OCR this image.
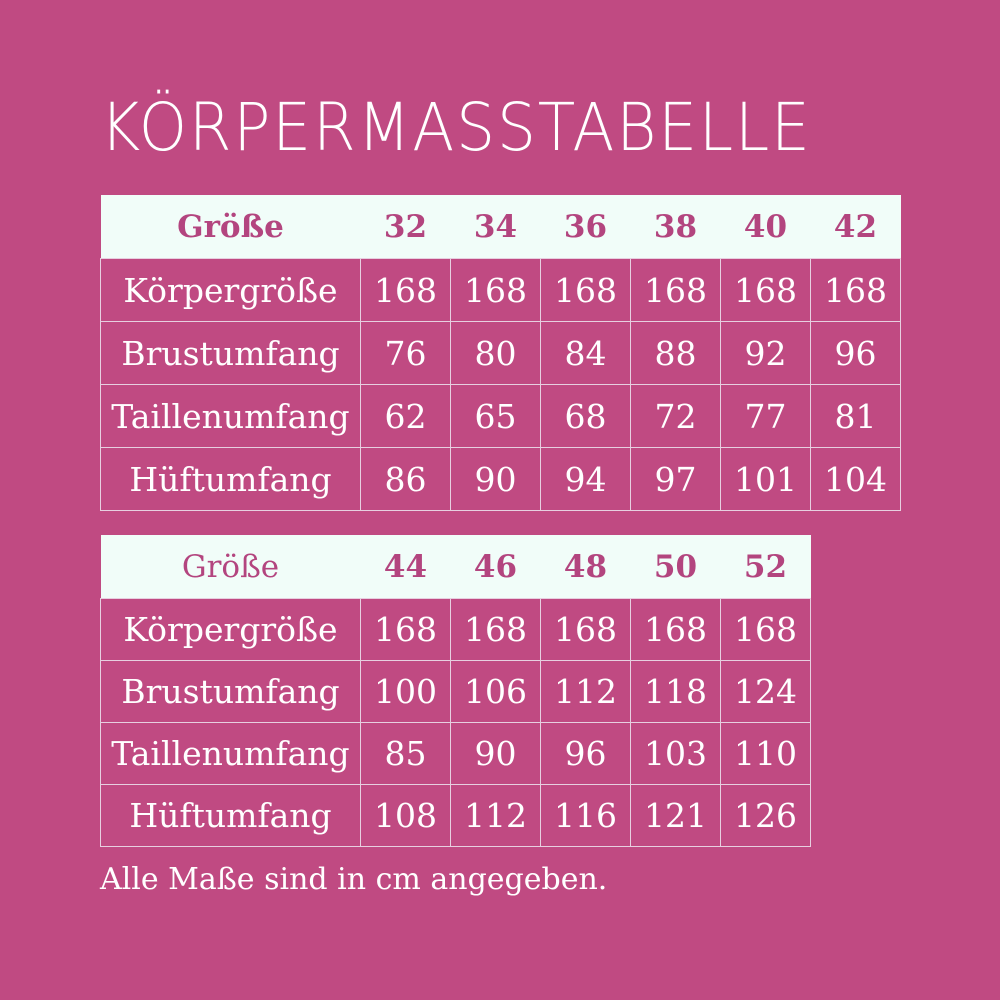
KÖRPERMASSTABELLE
Größe	32	34	36	38	40	42
Körpergröße	168	168	168	168	168	168
Brustumfang	76	80	84	88	92	96
Taillenumfang	62	65	68	72	77	81
Hüftumfang	86	90	94	97	101	104
Größe	44	46	48	50	52
Körpergröße	168	168	168	168	168
Brustumfang	100	106	112	118	124
Taillenumfang	85	90	96	103	110
Hüftumfang	108	112	116	121	126
Alle Maße sind in cm angegeben.
